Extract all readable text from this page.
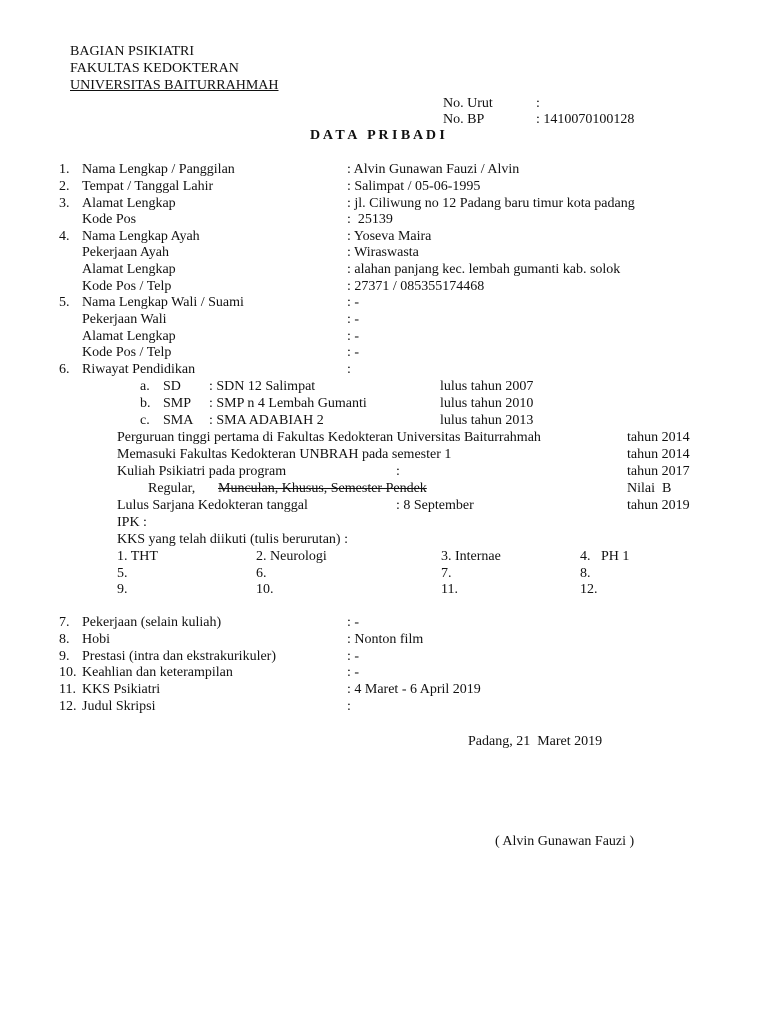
BAGIAN PSIKIATRI
FAKULTAS KEDOKTERAN
UNIVERSITAS BAITURRAHMAH
No. Urut	:
No. BP	: 1410070100128
D A T A   P R I B A D I
1. Nama Lengkap / Panggilan	: Alvin Gunawan Fauzi / Alvin
2. Tempat / Tanggal Lahir	: Salimpat / 05-06-1995
3. Alamat Lengkap	: jl. Ciliwung no 12 Padang baru timur kota padang
Kode Pos	:  25139
4. Nama Lengkap Ayah	: Yoseva Maira
Pekerjaan Ayah	: Wiraswasta
Alamat Lengkap	: alahan panjang kec. lembah gumanti kab. solok
Kode Pos / Telp	: 27371 / 085355174468
5. Nama Lengkap Wali / Suami	: -
Pekerjaan Wali	: -
Alamat Lengkap	: -
Kode Pos / Telp	: -
6. Riwayat Pendidikan	:
a. SD : SDN 12 Salimpat	lulus tahun 2007
b. SMP : SMP n 4 Lembah Gumanti	lulus tahun 2010
c. SMA : SMA ADABIAH 2	lulus tahun 2013
Perguruan tinggi pertama di Fakultas Kedokteran Universitas Baiturrahmah	tahun 2014
Memasuki Fakultas Kedokteran UNBRAH pada semester 1	tahun 2014
Kuliah Psikiatri pada program	:	tahun 2017
Regular, Munculan, Khusus, Semester Pendek	Nilai  B
Lulus Sarjana Kedokteran tanggal	: 8 September	tahun 2019
IPK :
KKS yang telah diikuti (tulis berurutan) :
1. THT	2. Neurologi	3. Internae	4.   PH 1
5.	6.	7.	8.
9.	10.	11.	12.
7. Pekerjaan (selain kuliah)	: -
8. Hobi	: Nonton film
9. Prestasi (intra dan ekstrakurikuler)	: -
10. Keahlian dan keterampilan	: -
11. KKS Psikiatri	: 4 Maret - 6 April 2019
12. Judul Skripsi	:
Padang, 21  Maret 2019
( Alvin Gunawan Fauzi )
